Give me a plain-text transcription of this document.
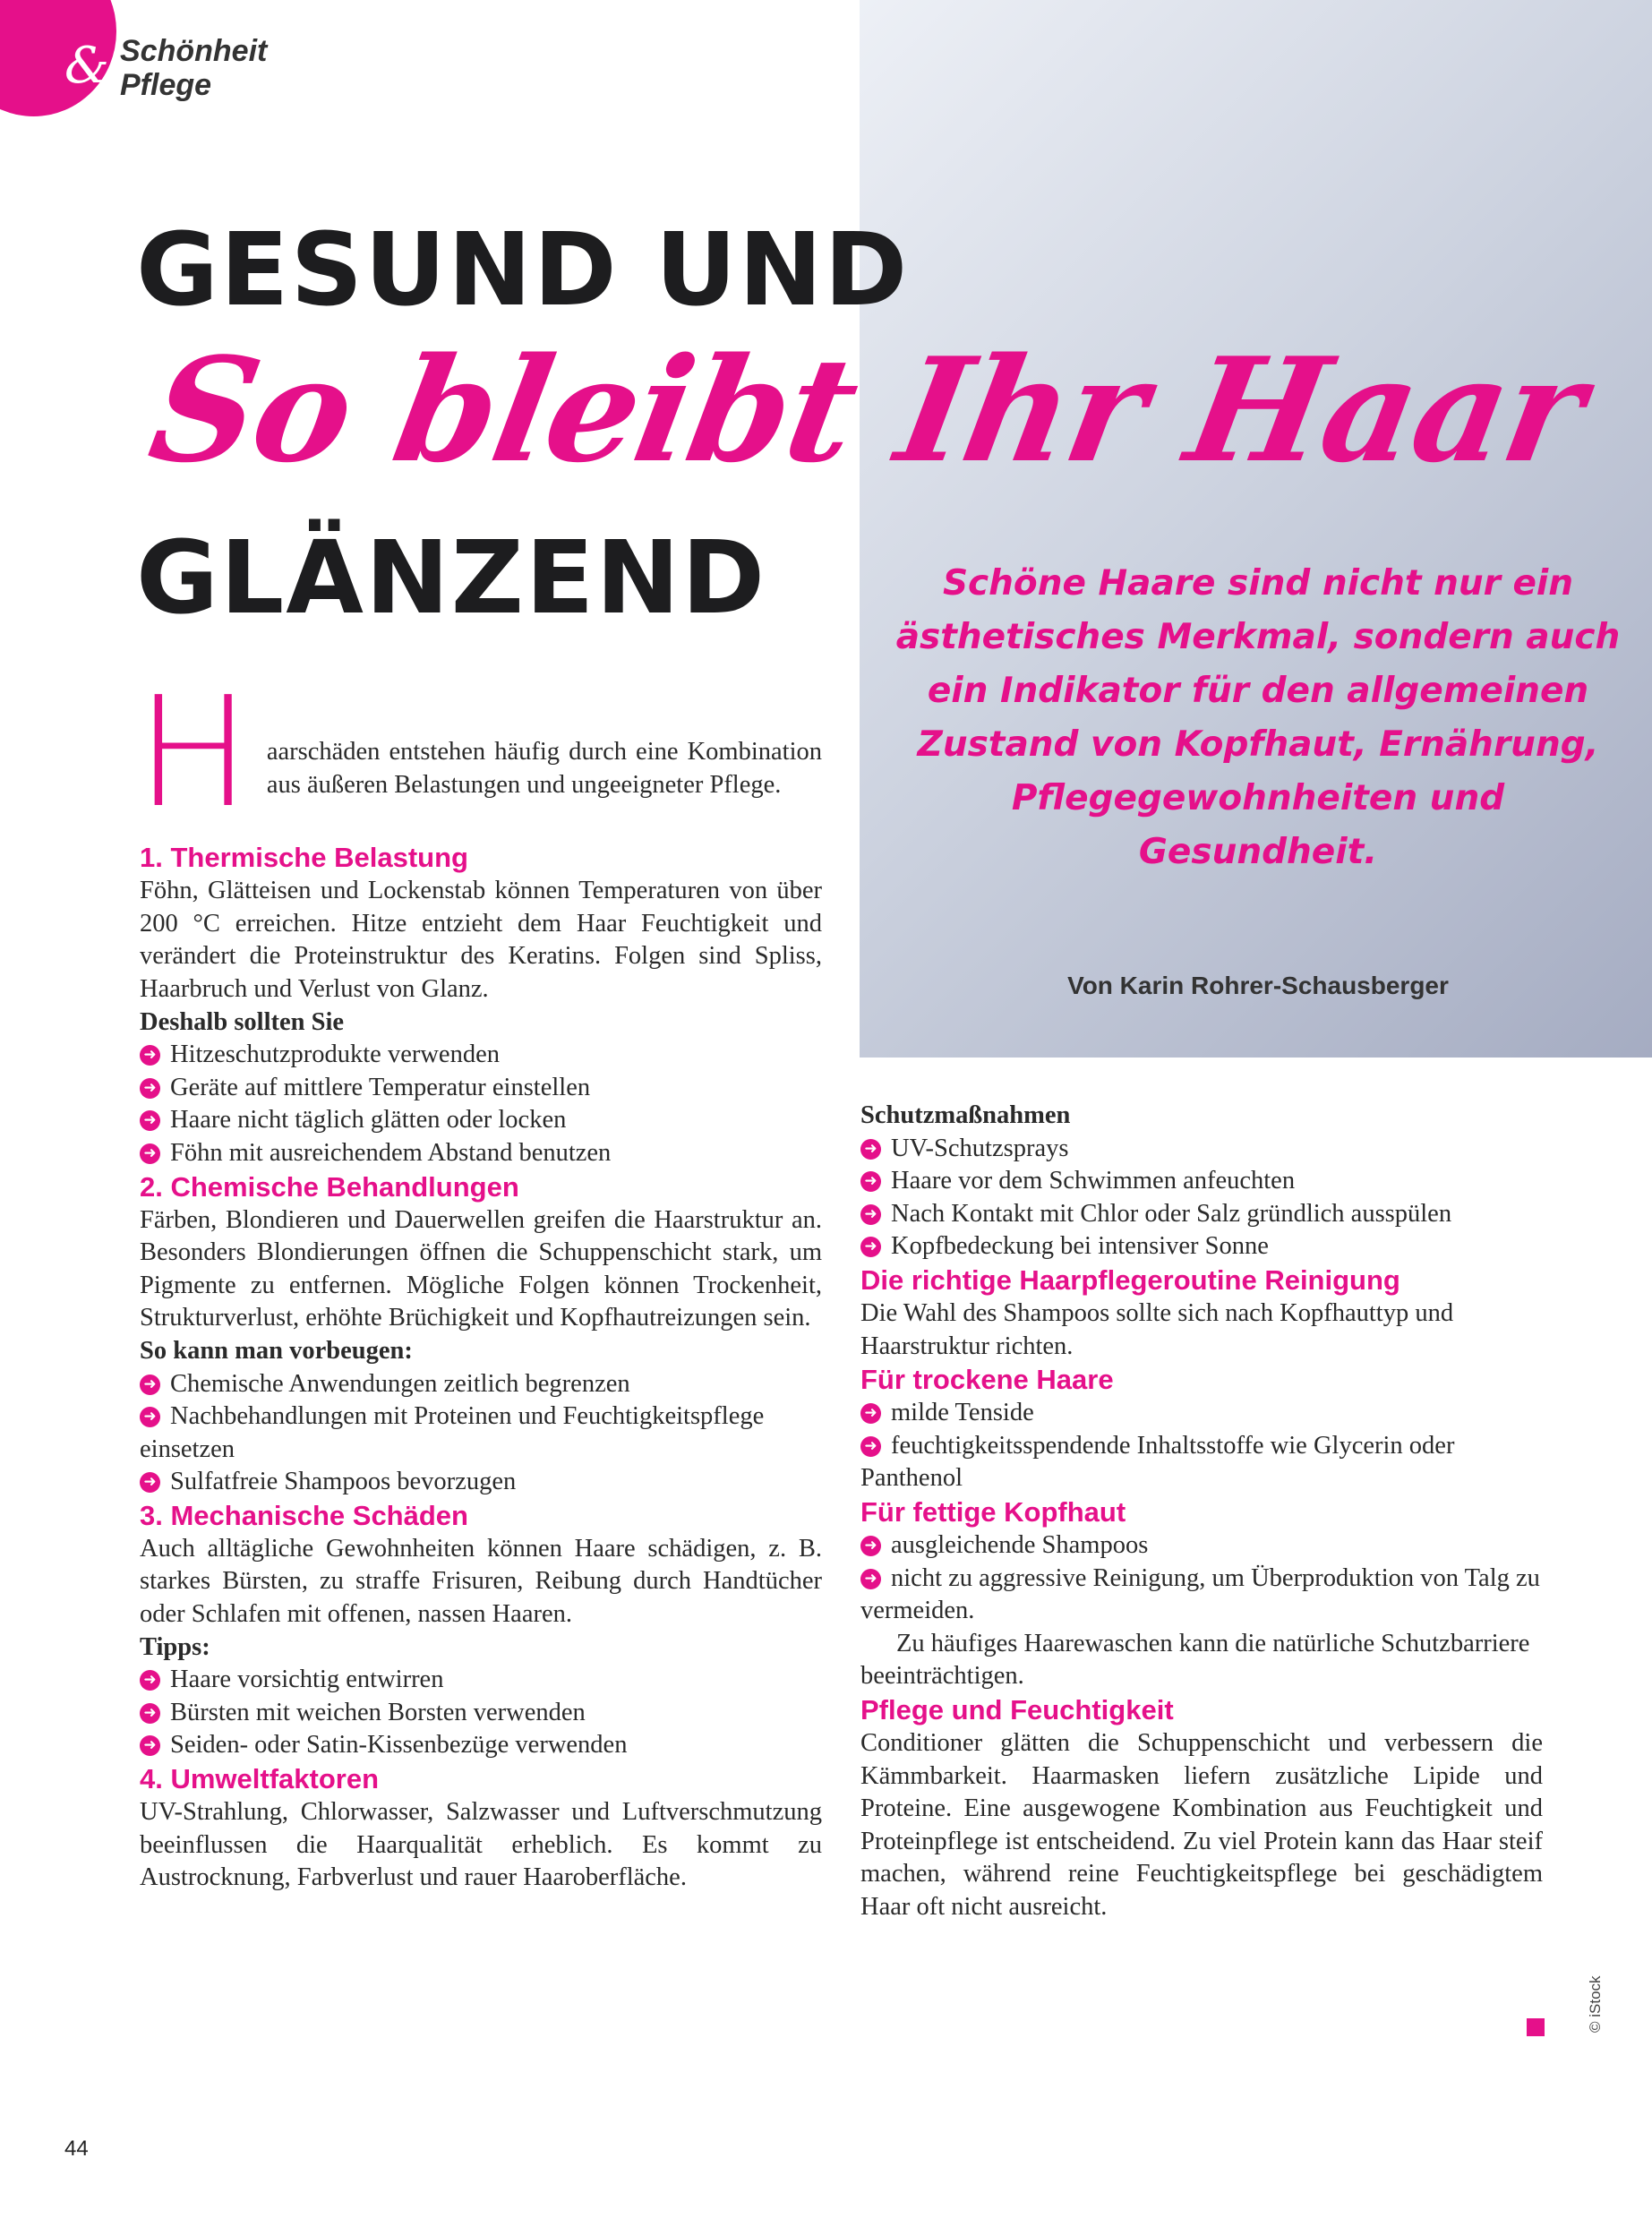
& Schönheit
Pflege
GESUND UND
So bleibt Ihr Haar
GLÄNZEND	Schöne Haare sind nicht nur ein ästhetisches Merkmal, sondern auch ein Indikator für den allgemeinen Zustand von Kopfhaut, Ernährung, Pflegegewohnheiten und Gesundheit.
Von Karin Rohrer-Schausberger
H aarschäden entstehen häufig durch eine Kombination aus äußeren Belastungen und ungeeigneter Pflege.

1. Thermische Belastung

Föhn, Glätteisen und Lockenstab können Temperaturen von über 200 °C erreichen. Hitze entzieht dem Haar Feuchtigkeit und verändert die Proteinstruktur des Keratins. Folgen sind Spliss, Haarbruch und Verlust von Glanz.

Deshalb sollten Sie

➜ Hitzeschutzprodukte verwenden
➜ Geräte auf mittlere Temperatur einstellen
➜ Haare nicht täglich glätten oder locken
➜ Föhn mit ausreichendem Abstand benutzen

2. Chemische Behandlungen

Färben, Blondieren und Dauerwellen greifen die Haarstruktur an. Besonders Blondierungen öffnen die Schuppenschicht stark, um Pigmente zu entfernen. Mögliche Folgen können Trockenheit, Strukturverlust, erhöhte Brüchigkeit und Kopfhautreizungen sein.

So kann man vorbeugen:

➜ Chemische Anwendungen zeitlich begrenzen
➜ Nachbehandlungen mit Proteinen und Feuchtigkeitspflege einsetzen
➜ Sulfatfreie Shampoos bevorzugen

3. Mechanische Schäden

Auch alltägliche Gewohnheiten können Haare schädigen, z. B. starkes Bürsten, zu straffe Frisuren, Reibung durch Handtücher oder Schlafen mit offenen, nassen Haaren.

Tipps:

➜ Haare vorsichtig entwirren
➜ Bürsten mit weichen Borsten verwenden
➜ Seiden- oder Satin-Kissenbezüge verwenden

4. Umweltfaktoren

UV-Strahlung, Chlorwasser, Salzwasser und Luftverschmutzung beeinflussen die Haarqualität erheblich. Es kommt zu Austrocknung, Farbverlust und rauer Haaroberfläche.

Schutzmaßnahmen

➜ UV-Schutzsprays
➜ Haare vor dem Schwimmen anfeuchten
➜ Nach Kontakt mit Chlor oder Salz gründlich ausspülen
➜ Kopfbedeckung bei intensiver Sonne

Die richtige Haarpflegeroutine Reinigung

Die Wahl des Shampoos sollte sich nach Kopfhauttyp und Haarstruktur richten.

Für trockene Haare

➜ milde Tenside
➜ feuchtigkeitsspendende Inhaltsstoffe wie Glycerin oder Panthenol

Für fettige Kopfhaut

➜ ausgleichende Shampoos
➜ nicht zu aggressive Reinigung, um Überproduktion von Talg zu vermeiden.

Zu häufiges Haarewaschen kann die natürliche Schutzbarriere beeinträchtigen.

Pflege und Feuchtigkeit

Conditioner glätten die Schuppenschicht und verbessern die Kämmbarkeit. Haarmasken liefern zusätzliche Lipide und Proteine. Eine ausgewogene Kombination aus Feuchtigkeit und Proteinpflege ist entscheidend. Zu viel Protein kann das Haar steif machen, während reine Feuchtigkeitspflege bei geschädigtem Haar oft nicht ausreicht.

© iStock
44
